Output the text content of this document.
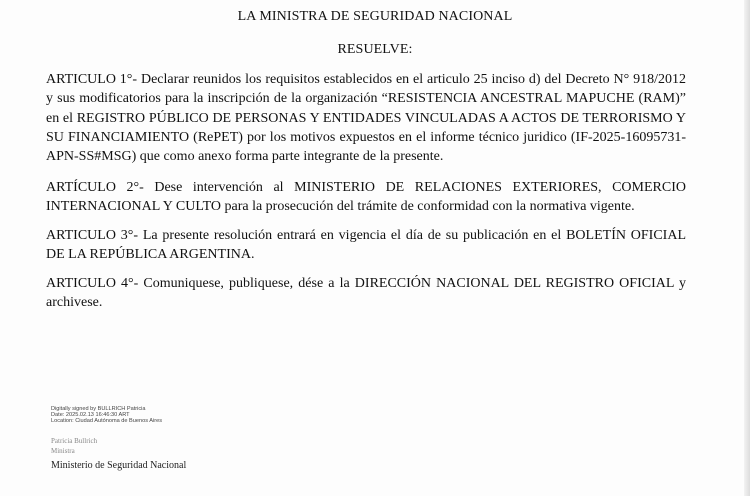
LA MINISTRA DE SEGURIDAD NACIONAL
RESUELVE:

ARTICULO 1°- Declarar reunidos los requisitos establecidos en el articulo 25 inciso d) del Decreto N° 918/2012 y sus modificatorios para la inscripción de la organización “RESISTENCIA ANCESTRAL MAPUCHE (RAM)” en el REGISTRO PÚBLICO DE PERSONAS Y ENTIDADES VINCULADAS A ACTOS DE TERRORISMO Y SU FINANCIAMIENTO (RePET) por los motivos expuestos en el informe técnico juridico (IF-2025-16095731-APN-SS#MSG) que como anexo forma parte integrante de la presente.

ARTÍCULO 2°- Dese intervención al MINISTERIO DE RELACIONES EXTERIORES, COMERCIO INTERNACIONAL Y CULTO para la prosecución del trámite de conformidad con la normativa vigente.

ARTICULO 3°- La presente resolución entrará en vigencia el día de su publicación en el BOLETÍN OFICIAL DE LA REPÚBLICA ARGENTINA.

ARTICULO 4°- Comuniquese, publiquese, dése a la DIRECCIÓN NACIONAL DEL REGISTRO OFICIAL y archivese.

Digitally signed by BULLRICH Patricia
Date: 2025.02.13 16:46:30 ART
Location: Ciudad Autónoma de Buenos Aires
Patricia Bullrich
Ministra
Ministerio de Seguridad Nacional
